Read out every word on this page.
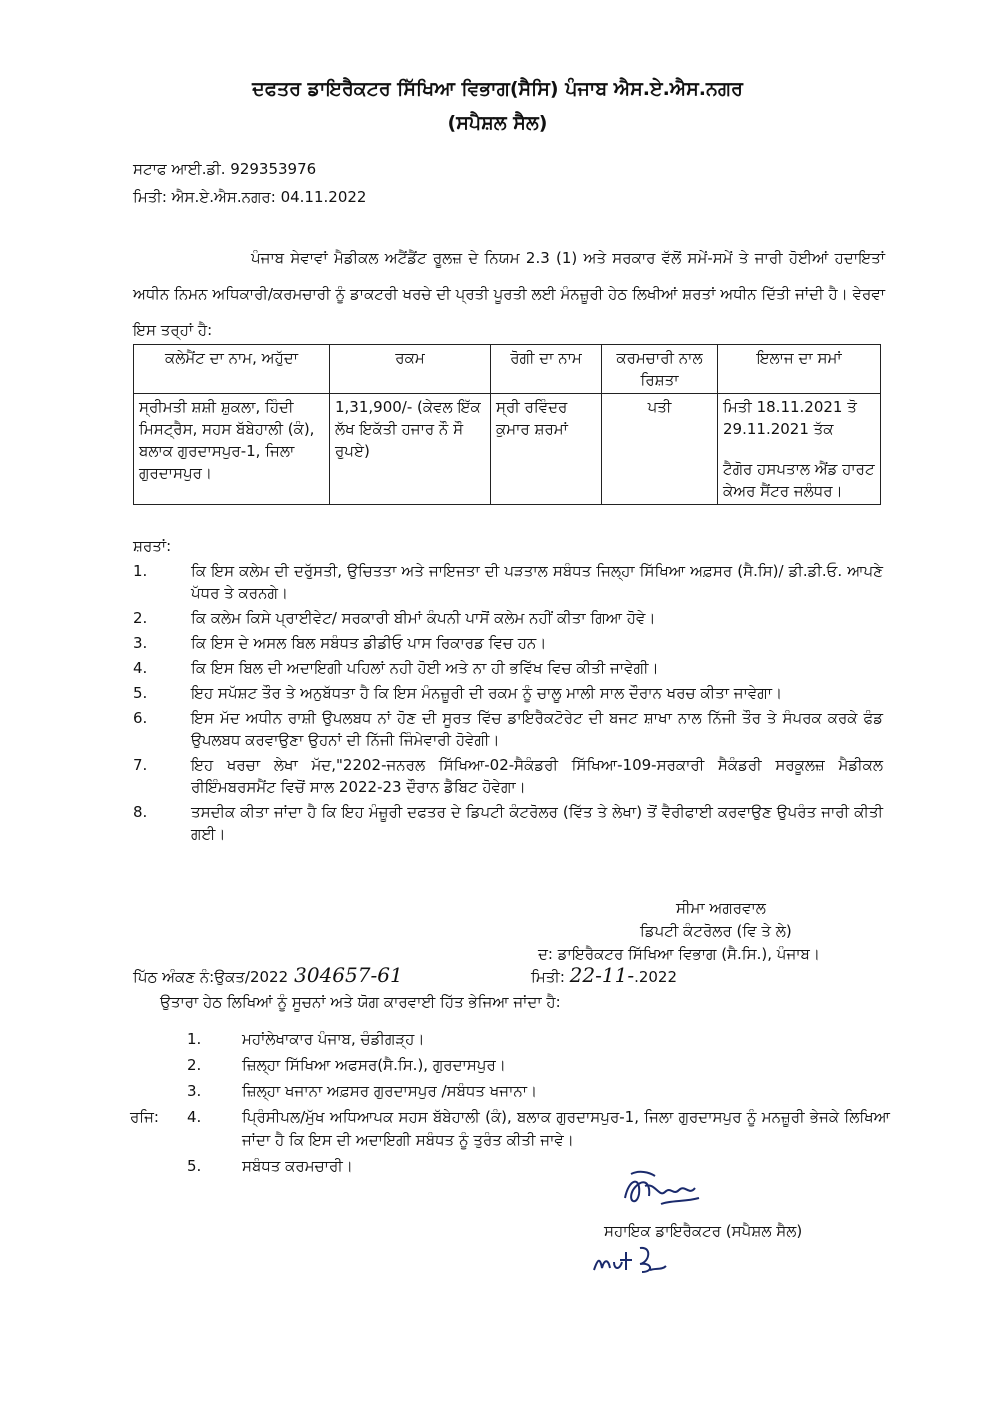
ਦਫਤਰ ਡਾਇਰੈਕਟਰ ਸਿੱਖਿਆ ਵਿਭਾਗ(ਸੈਸਿ) ਪੰਜਾਬ ਐਸ.ਏ.ਐਸ.ਨਗਰ
(ਸਪੈਸ਼ਲ ਸੈਲ)
ਸਟਾਫ ਆਈ.ਡੀ. 929353976
ਮਿਤੀ: ਐਸ.ਏ.ਐਸ.ਨਗਰ: 04.11.2022
ਪੰਜਾਬ ਸੇਵਾਵਾਂ ਮੈਡੀਕਲ ਅਟੈਂਡੈਂਟ ਰੂਲਜ਼ ਦੇ ਨਿਯਮ 2.3 (1) ਅਤੇ ਸਰਕਾਰ ਵੱਲੋਂ ਸਮੇਂ-ਸਮੇਂ ਤੇ ਜਾਰੀ ਹੋਈਆਂ ਹਦਾਇਤਾਂ ਅਧੀਨ ਨਿਮਨ ਅਧਿਕਾਰੀ/ਕਰਮਚਾਰੀ ਨੂੰ ਡਾਕਟਰੀ ਖਰਚੇ ਦੀ ਪ੍ਰਤੀ ਪੂਰਤੀ ਲਈ ਮੰਨਜ਼ੂਰੀ ਹੇਠ ਲਿਖੀਆਂ ਸ਼ਰਤਾਂ ਅਧੀਨ ਦਿੱਤੀ ਜਾਂਦੀ ਹੈ। ਵੇਰਵਾ ਇਸ ਤਰ੍ਹਾਂ ਹੈ:
ਕਲੇਮੈਂਟ ਦਾ ਨਾਮ, ਅਹੁੱਦਾ	ਰਕਮ	ਰੋਗੀ ਦਾ ਨਾਮ	ਕਰਮਚਾਰੀ ਨਾਲ ਰਿਸ਼ਤਾ	ਇਲਾਜ ਦਾ ਸਮਾਂ
ਸ੍ਰੀਮਤੀ ਸ਼ਸ਼ੀ ਸ਼ੁਕਲਾ, ਹਿੰਦੀ ਮਿਸਟ੍ਰੈਸ, ਸਹਸ ਬੱਬੇਹਾਲੀ (ਕੰ), ਬਲਾਕ ਗੁਰਦਾਸਪੁਰ-1, ਜਿਲਾ ਗੁਰਦਾਸਪੁਰ।	1,31,900/- (ਕੇਵਲ ਇੱਕ ਲੱਖ ਇਕੱਤੀ ਹਜਾਰ ਨੌ ਸੌ ਰੁਪਏ)	ਸ੍ਰੀ ਰਵਿੰਦਰ ਕੁਮਾਰ ਸ਼ਰਮਾਂ	ਪਤੀ	ਮਿਤੀ 18.11.2021 ਤੋ 29.11.2021 ਤੱਕ
ਟੈਗੋਰ ਹਸਪਤਾਲ ਐਂਡ ਹਾਰਟ ਕੇਅਰ ਸੈਂਟਰ ਜਲੰਧਰ।
ਸ਼ਰਤਾਂ:
1.	ਕਿ ਇਸ ਕਲੇਮ ਦੀ ਦਰੁੱਸਤੀ, ਉਚਿਤਤਾ ਅਤੇ ਜਾਇਜਤਾ ਦੀ ਪੜਤਾਲ ਸਬੰਧਤ ਜਿਲ੍ਹਾ ਸਿੱਖਿਆ ਅਫ਼ਸਰ (ਸੈ.ਸਿ)/ ਡੀ.ਡੀ.ਓ. ਆਪਣੇ ਪੱਧਰ ਤੇ ਕਰਨਗੇ।
2.	ਕਿ ਕਲੇਮ ਕਿਸੇ ਪ੍ਰਾਈਵੇਟ/ ਸਰਕਾਰੀ ਬੀਮਾਂ ਕੰਪਨੀ ਪਾਸੋਂ ਕਲੇਮ ਨਹੀਂ ਕੀਤਾ ਗਿਆ ਹੋਵੇ।
3.	ਕਿ ਇਸ ਦੇ ਅਸਲ ਬਿਲ ਸਬੰਧਤ ਡੀਡੀਓ ਪਾਸ ਰਿਕਾਰਡ ਵਿਚ ਹਨ।
4.	ਕਿ ਇਸ ਬਿਲ ਦੀ ਅਦਾਇਗੀ ਪਹਿਲਾਂ ਨਹੀ ਹੋਈ ਅਤੇ ਨਾ ਹੀ ਭਵਿੱਖ ਵਿਚ ਕੀਤੀ ਜਾਵੇਗੀ।
5.	ਇਹ ਸਪੱਸ਼ਟ ਤੌਰ ਤੇ ਅਨੁਬੱਧਤਾ ਹੈ ਕਿ ਇਸ ਮੰਨਜ਼ੂਰੀ ਦੀ ਰਕਮ ਨੂੰ ਚਾਲੂ ਮਾਲੀ ਸਾਲ ਦੌਰਾਨ ਖਰਚ ਕੀਤਾ ਜਾਵੇਗਾ।
6.	ਇਸ ਮੱਦ ਅਧੀਨ ਰਾਸ਼ੀ ਉਪਲਬਧ ਨਾਂ ਹੋਣ ਦੀ ਸੂਰਤ ਵਿੱਚ ਡਾਇਰੈਕਟੋਰੇਟ ਦੀ ਬਜਟ ਸ਼ਾਖਾ ਨਾਲ ਨਿੱਜੀ ਤੌਰ ਤੇ ਸੰਪਰਕ ਕਰਕੇ ਫੰਡ ਉਪਲਬਧ ਕਰਵਾਉਣਾ ਉਹਨਾਂ ਦੀ ਨਿੱਜੀ ਜਿੰਮੇਵਾਰੀ ਹੋਵੇਗੀ।
7.	ਇਹ ਖਰਚਾ ਲੇਖਾ ਮੱਦ,"2202-ਜਨਰਲ ਸਿੱਖਿਆ-02-ਸੈਕੰਡਰੀ ਸਿੱਖਿਆ-109-ਸਰਕਾਰੀ ਸੈਕੰਡਰੀ ਸਰਕੂਲਜ਼ ਮੈਡੀਕਲ ਰੀਇੰਮਬਰਸਮੈਂਟ ਵਿਚੋਂ ਸਾਲ 2022-23 ਦੌਰਾਨ ਡੈਬਿਟ ਹੋਵੇਗਾ।
8.	ਤਸਦੀਕ ਕੀਤਾ ਜਾਂਦਾ ਹੈ ਕਿ ਇਹ ਮੰਜ਼ੂਰੀ ਦਫਤਰ ਦੇ ਡਿਪਟੀ ਕੰਟਰੋਲਰ (ਵਿੱਤ ਤੇ ਲੇਖਾ) ਤੋਂ ਵੈਰੀਫਾਈ ਕਰਵਾਉਣ ਉਪਰੰਤ ਜਾਰੀ ਕੀਤੀ ਗਈ।
ਸੀਮਾ ਅਗਰਵਾਲ
ਡਿਪਟੀ ਕੰਟਰੋਲਰ (ਵਿ ਤੇ ਲੇ)
ਦ: ਡਾਇਰੈਕਟਰ ਸਿੱਖਿਆ ਵਿਭਾਗ (ਸੈ.ਸਿ.), ਪੰਜਾਬ।
ਪਿੱਠ ਅੰਕਣ ਨੰ:ਉਕਤ/2022 304657-61	ਮਿਤੀ: 22-11-.2022
ਉਤਾਰਾ ਹੇਠ ਲਿਖਿਆਂ ਨੂੰ ਸੂਚਨਾਂ ਅਤੇ ਯੋਗ ਕਾਰਵਾਈ ਹਿੱਤ ਭੇਜਿਆ ਜਾਂਦਾ ਹੈ:
1.	ਮਹਾਂਲੇਖਾਕਾਰ ਪੰਜਾਬ, ਚੰਡੀਗੜ੍ਹ।
2.	ਜ਼ਿਲ੍ਹਾ ਸਿੱਖਿਆ ਅਫਸਰ(ਸੈ.ਸਿ.), ਗੁਰਦਾਸਪੁਰ।
3.	ਜ਼ਿਲ੍ਹਾ ਖਜਾਨਾ ਅਫ਼ਸਰ ਗੁਰਦਾਸਪੁਰ /ਸਬੰਧਤ ਖਜਾਨਾ।
ਰਜਿ:	4.	ਪ੍ਰਿੰਸੀਪਲ/ਮੁੱਖ ਅਧਿਆਪਕ ਸਹਸ ਬੱਬੇਹਾਲੀ (ਕੰ), ਬਲਾਕ ਗੁਰਦਾਸਪੁਰ-1, ਜਿਲਾ ਗੁਰਦਾਸਪੁਰ ਨੂੰ ਮਨਜ਼ੂਰੀ ਭੇਜਕੇ ਲਿਖਿਆ ਜਾਂਦਾ ਹੈ ਕਿ ਇਸ ਦੀ ਅਦਾਇਗੀ ਸਬੰਧਤ ਨੂੰ ਤੁਰੰਤ ਕੀਤੀ ਜਾਵੇ।
5.	ਸਬੰਧਤ ਕਰਮਚਾਰੀ।
ਸਹਾਇਕ ਡਾਇਰੈਕਟਰ (ਸਪੈਸ਼ਲ ਸੈਲ)
